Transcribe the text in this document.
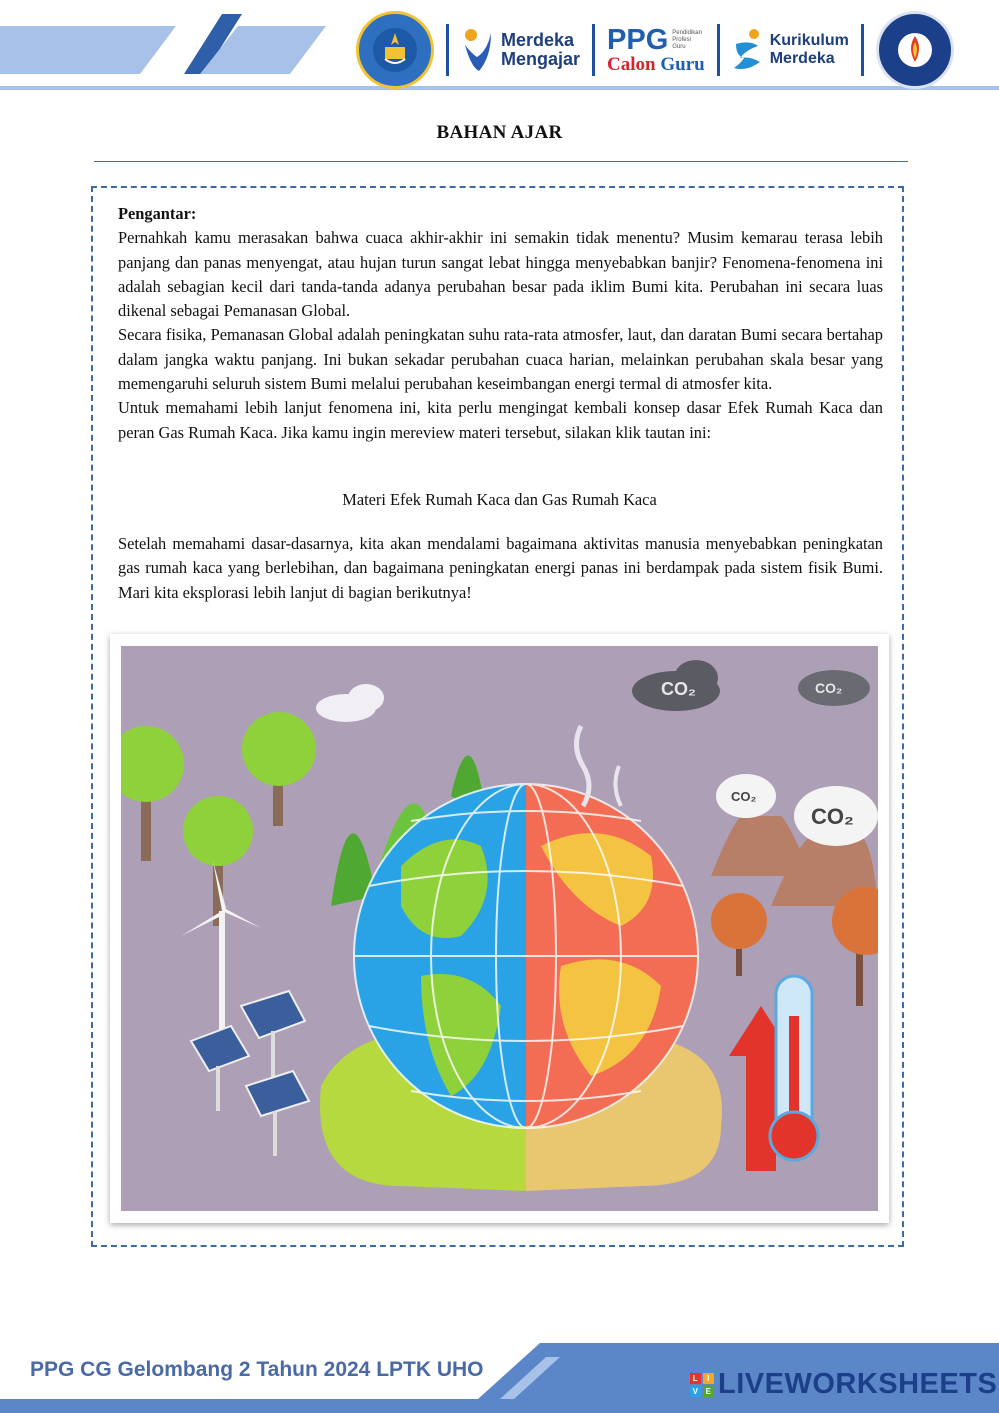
Merdeka
Mengajar
PPG Pendidikan
Profesi
Guru
Calon Guru
Kurikulum
Merdeka
BAHAN AJAR

Pengantar:

Pernahkah kamu merasakan bahwa cuaca akhir-akhir ini semakin tidak menentu? Musim kemarau terasa lebih panjang dan panas menyengat, atau hujan turun sangat lebat hingga menyebabkan banjir? Fenomena-fenomena ini adalah sebagian kecil dari tanda-tanda adanya perubahan besar pada iklim Bumi kita. Perubahan ini secara luas dikenal sebagai Pemanasan Global.

Secara fisika, Pemanasan Global adalah peningkatan suhu rata-rata atmosfer, laut, dan daratan Bumi secara bertahap dalam jangka waktu panjang. Ini bukan sekadar perubahan cuaca harian, melainkan perubahan skala besar yang memengaruhi seluruh sistem Bumi melalui perubahan keseimbangan energi termal di atmosfer kita.

Untuk memahami lebih lanjut fenomena ini, kita perlu mengingat kembali konsep dasar Efek Rumah Kaca dan peran Gas Rumah Kaca. Jika kamu ingin mereview materi tersebut, silakan klik tautan ini:

Materi Efek Rumah Kaca dan Gas Rumah Kaca

Setelah memahami dasar-dasarnya, kita akan mendalami bagaimana aktivitas manusia menyebabkan peningkatan gas rumah kaca yang berlebihan, dan bagaimana peningkatan energi panas ini berdampak pada sistem fisik Bumi. Mari kita eksplorasi lebih lanjut di bagian berikutnya!

CO₂	CO₂
CO₂
CO₂
PPG CG Gelombang 2 Tahun 2024 LPTK UHO	L	I
V E LIVEWORKSHEETS
